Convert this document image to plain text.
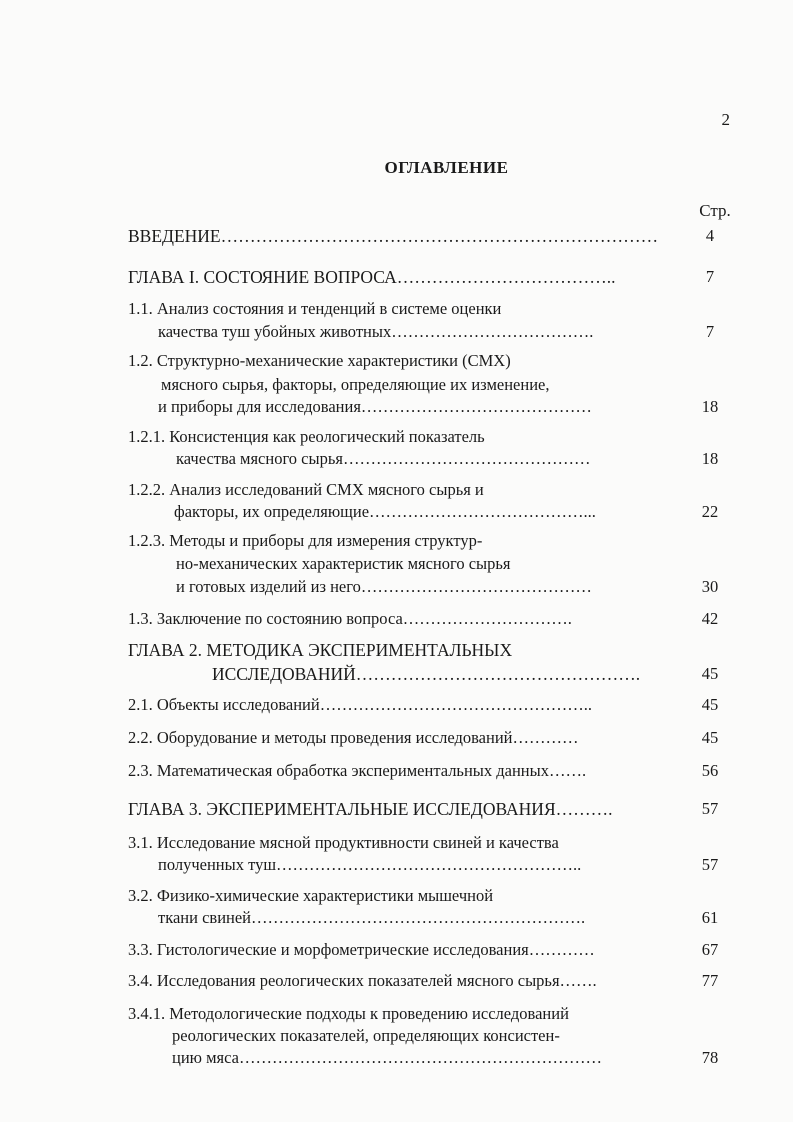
2
ОГЛАВЛЕНИЕ
Стр.
ВВЕДЕНИЕ…………………………………………………………………	4
ГЛАВА I. СОСТОЯНИЕ ВОПРОСА………………………………..	7
1.1. Анализ состояния и тенденций в системе оценки
качества туш убойных животных……………………………….	7
1.2. Структурно-механические характеристики (СМХ)
мясного сырья, факторы, определяющие их изменение,
и приборы для исследования……………………………………	18
1.2.1. Консистенция как реологический показатель
качества мясного сырья………………………………………	18
1.2.2. Анализ исследований СМХ мясного сырья и
факторы, их определяющие…………………………………...	22
1.2.3. Методы и приборы для измерения структур-
но-механических характеристик мясного сырья
и готовых изделий из него……………………………………	30
1.3. Заключение по состоянию вопроса………………………….	42
ГЛАВА 2. МЕТОДИКА ЭКСПЕРИМЕНТАЛЬНЫХ
ИССЛЕДОВАНИЙ………………………………………….	45
2.1. Объекты исследований…………………………………………..	45
2.2. Оборудование и методы проведения исследований…………	45
2.3. Математическая обработка экспериментальных данных…….	56
ГЛАВА 3. ЭКСПЕРИМЕНТАЛЬНЫЕ ИССЛЕДОВАНИЯ……….	57
3.1. Исследование мясной продуктивности свиней и качества
полученных туш………………………………………………..	57
3.2. Физико-химические характеристики мышечной
ткани свиней…………………………………………………….	61
3.3. Гистологические и морфометрические исследования…………	67
3.4. Исследования реологических показателей мясного сырья…….	77
3.4.1. Методологические подходы к проведению исследований
реологических показателей, определяющих консистен-
цию мяса…………………………………………………………	78
